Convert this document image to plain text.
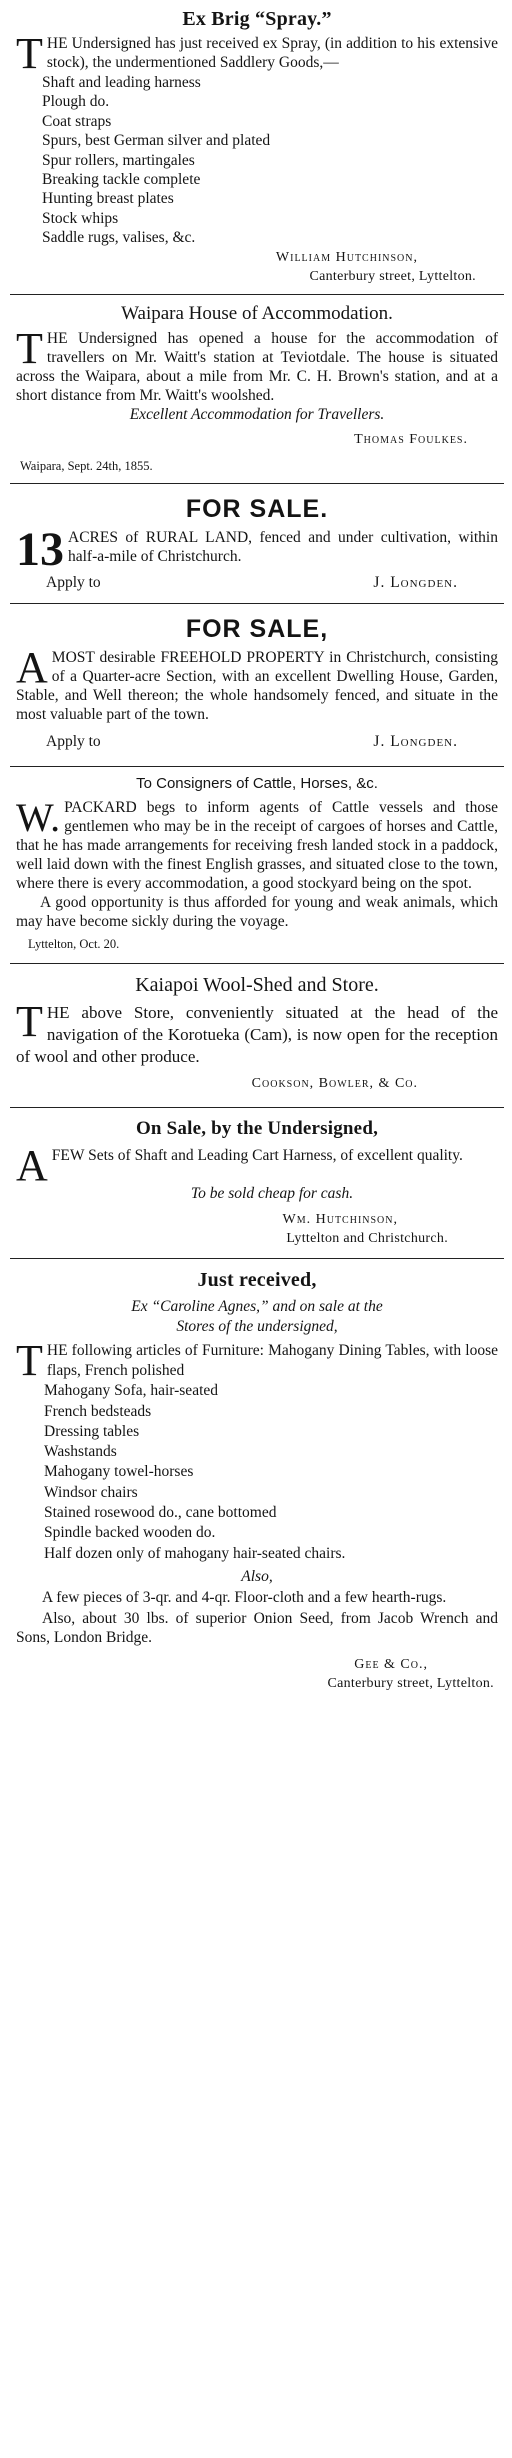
Ex Brig “Spray.”
T HE Undersigned has just received ex Spray, (in addition to his extensive stock), the undermentioned Saddlery Goods,—
Shaft and leading harness
Plough do.
Coat straps
Spurs, best German silver and plated
Spur rollers, martingales
Breaking tackle complete
Hunting breast plates
Stock whips
Saddle rugs, valises, &c.
William Hutchinson,
Canterbury street, Lyttelton.
Waipara House of Accommodation.
T HE Undersigned has opened a house for the accommodation of travellers on Mr. Waitt's station at Teviotdale. The house is situated across the Waipara, about a mile from Mr. C. H. Brown's station, and at a short distance from Mr. Waitt's woolshed.
Excellent Accommodation for Travellers.
Thomas Foulkes.
Waipara, Sept. 24th, 1855.
FOR SALE.
13 ACRES of RURAL LAND, fenced and under cultivation, within half-a-mile of Christchurch.
Apply to	J. Longden.
FOR SALE,
A MOST desirable FREEHOLD PROPERTY in Christchurch, consisting of a Quarter-acre Section, with an excellent Dwelling House, Garden, Stable, and Well thereon; the whole handsomely fenced, and situate in the most valuable part of the town.
Apply to	J. Longden.
To Consigners of Cattle, Horses, &c.
W. PACKARD begs to inform agents of Cattle vessels and those gentlemen who may be in the receipt of cargoes of horses and Cattle, that he has made arrangements for receiving fresh landed stock in a paddock, well laid down with the finest English grasses, and situated close to the town, where there is every accommodation, a good stockyard being on the spot.
A good opportunity is thus afforded for young and weak animals, which may have become sickly during the voyage.
Lyttelton, Oct. 20.
Kaiapoi Wool-Shed and Store.
T HE above Store, conveniently situated at the head of the navigation of the Korotueka (Cam), is now open for the reception of wool and other produce.
Cookson, Bowler, & Co.
On Sale, by the Undersigned,
A FEW Sets of Shaft and Leading Cart Harness, of excellent quality.
To be sold cheap for cash.
Wm. Hutchinson,
Lyttelton and Christchurch.
Just received,
Ex “Caroline Agnes,” and on sale at the
Stores of the undersigned,
T HE following articles of Furniture: Mahogany Dining Tables, with loose flaps, French polished
Mahogany Sofa, hair-seated
French bedsteads
Dressing tables
Washstands
Mahogany towel-horses
Windsor chairs
Stained rosewood do., cane bottomed
Spindle backed wooden do.
Half dozen only of mahogany hair-seated chairs.
Also,
A few pieces of 3-qr. and 4-qr. Floor-cloth and a few hearth-rugs.
Also, about 30 lbs. of superior Onion Seed, from Jacob Wrench and Sons, London Bridge.
Gee & Co.,
Canterbury street, Lyttelton.
